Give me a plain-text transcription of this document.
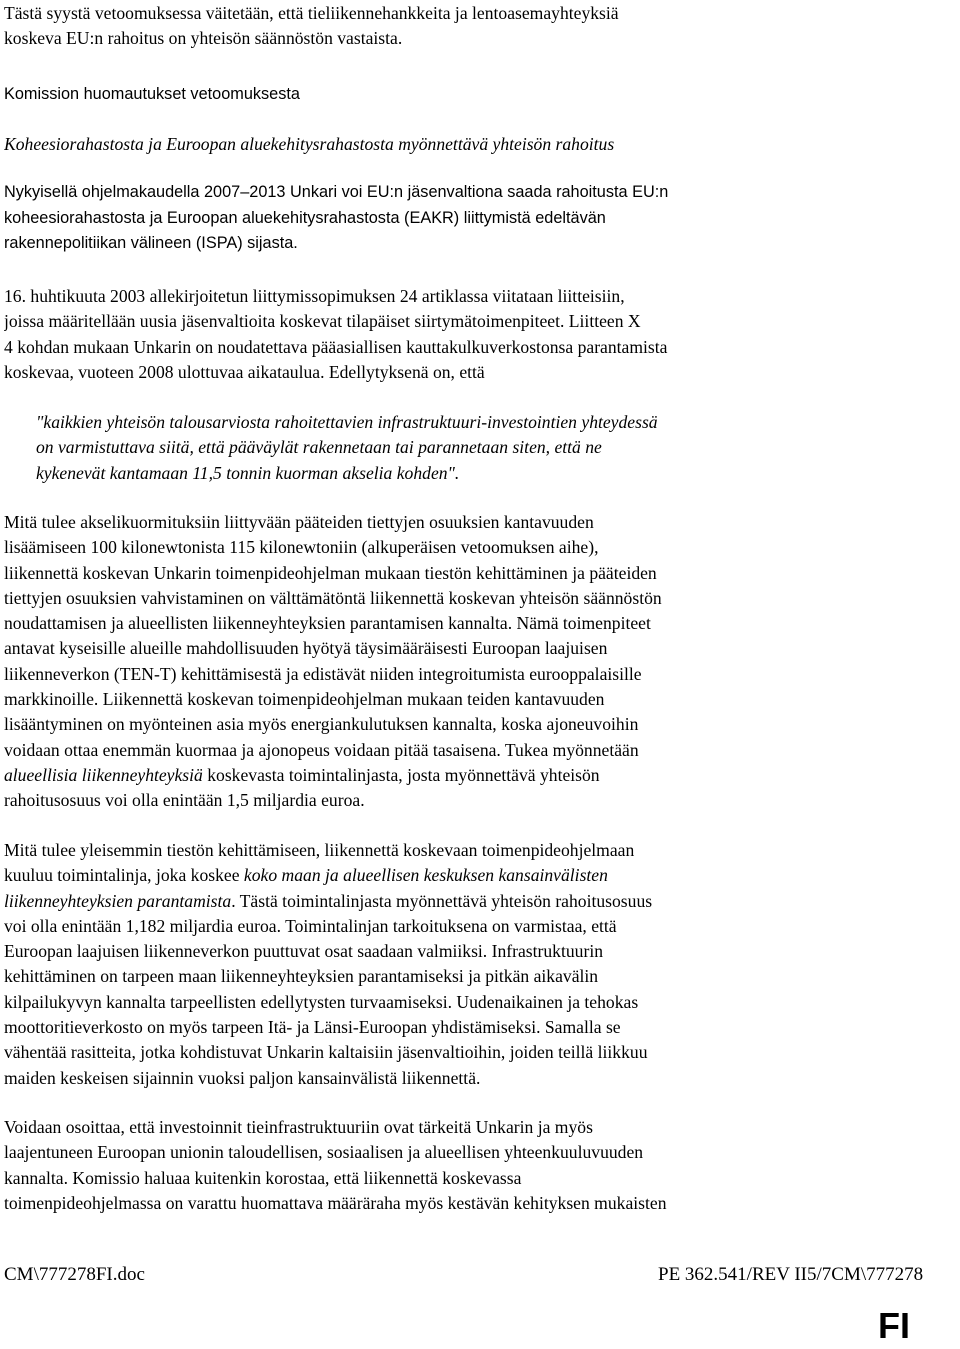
Tästä syystä vetoomuksessa väitetään, että tieliikennehankkeita ja lentoasemayhteyksiä
koskeva EU:n rahoitus on yhteisön säännöstön vastaista.
Komission huomautukset vetoomuksesta
Koheesiorahastosta ja Euroopan aluekehitysrahastosta myönnettävä yhteisön rahoitus
Nykyisellä ohjelmakaudella 2007–2013 Unkari voi EU:n jäsenvaltiona saada rahoitusta EU:n
koheesiorahastosta ja Euroopan aluekehitysrahastosta (EAKR) liittymistä edeltävän
rakennepolitiikan välineen (ISPA) sijasta.
16. huhtikuuta 2003 allekirjoitetun liittymissopimuksen 24 artiklassa viitataan liitteisiin,
joissa määritellään uusia jäsenvaltioita koskevat tilapäiset siirtymätoimenpiteet. Liitteen X
4 kohdan mukaan Unkarin on noudatettava pääasiallisen kauttakulkuverkostonsa parantamista
koskevaa, vuoteen 2008 ulottuvaa aikataulua. Edellytyksenä on, että
"kaikkien yhteisön talousarviosta rahoitettavien infrastruktuuri-investointien yhteydessä
on varmistuttava siitä, että pääväylät rakennetaan tai parannetaan siten, että ne
kykenevät kantamaan 11,5 tonnin kuorman akselia kohden".
Mitä tulee akselikuormituksiin liittyvään pääteiden tiettyjen osuuksien kantavuuden
lisäämiseen 100 kilonewtonista 115 kilonewtoniin (alkuperäisen vetoomuksen aihe),
liikennettä koskevan Unkarin toimenpideohjelman mukaan tiestön kehittäminen ja pääteiden
tiettyjen osuuksien vahvistaminen on välttämätöntä liikennettä koskevan yhteisön säännöstön
noudattamisen ja alueellisten liikenneyhteyksien parantamisen kannalta. Nämä toimenpiteet
antavat kyseisille alueille mahdollisuuden hyötyä täysimääräisesti Euroopan laajuisen
liikenneverkon (TEN-T) kehittämisestä ja edistävät niiden integroitumista eurooppalaisille
markkinoille. Liikennettä koskevan toimenpideohjelman mukaan teiden kantavuuden
lisääntyminen on myönteinen asia myös energiankulutuksen kannalta, koska ajoneuvoihin
voidaan ottaa enemmän kuormaa ja ajonopeus voidaan pitää tasaisena. Tukea myönnetään
alueellisia liikenneyhteyksiä koskevasta toimintalinjasta, josta myönnettävä yhteisön
rahoitusosuus voi olla enintään 1,5 miljardia euroa.
Mitä tulee yleisemmin tiestön kehittämiseen, liikennettä koskevaan toimenpideohjelmaan
kuuluu toimintalinja, joka koskee koko maan ja alueellisen keskuksen kansainvälisten
liikenneyhteyksien parantamista. Tästä toimintalinjasta myönnettävä yhteisön rahoitusosuus
voi olla enintään 1,182 miljardia euroa. Toimintalinjan tarkoituksena on varmistaa, että
Euroopan laajuisen liikenneverkon puuttuvat osat saadaan valmiiksi. Infrastruktuurin
kehittäminen on tarpeen maan liikenneyhteyksien parantamiseksi ja pitkän aikavälin
kilpailukyvyn kannalta tarpeellisten edellytysten turvaamiseksi. Uudenaikainen ja tehokas
moottoritieverkosto on myös tarpeen Itä- ja Länsi-Euroopan yhdistämiseksi. Samalla se
vähentää rasitteita, jotka kohdistuvat Unkarin kaltaisiin jäsenvaltioihin, joiden teillä liikkuu
maiden keskeisen sijainnin vuoksi paljon kansainvälistä liikennettä.
Voidaan osoittaa, että investoinnit tieinfrastruktuuriin ovat tärkeitä Unkarin ja myös
laajentuneen Euroopan unionin taloudellisen, sosiaalisen ja alueellisen yhteenkuuluvuuden
kannalta. Komissio haluaa kuitenkin korostaa, että liikennettä koskevassa
toimenpideohjelmassa on varattu huomattava määräraha myös kestävän kehityksen mukaisten
CM\777278FI.doc	PE 362.541/REV II5/7CM\777278
FI
